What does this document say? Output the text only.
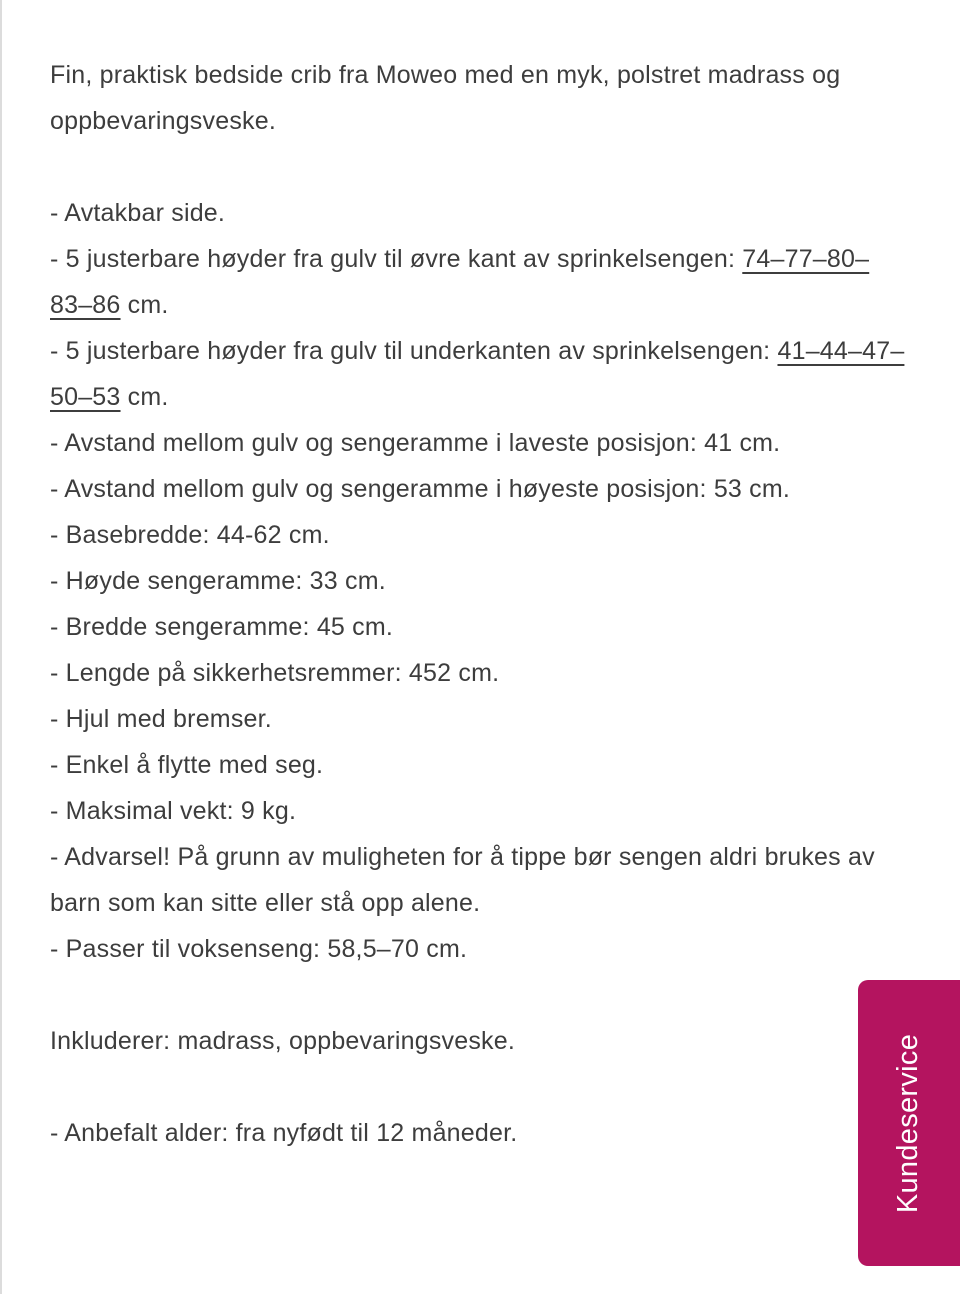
Fin, praktisk bedside crib fra Moweo med en myk, polstret madrass og oppbevaringsveske.

- Avtakbar side.

- 5 justerbare høyder fra gulv til øvre kant av sprinkelsengen: 74–77–80–83–86 cm.

- 5 justerbare høyder fra gulv til underkanten av sprinkelsengen: 41–44–47–50–53 cm.

- Avstand mellom gulv og sengeramme i laveste posisjon: 41 cm.

- Avstand mellom gulv og sengeramme i høyeste posisjon: 53 cm.

- Basebredde: 44-62 cm.

- Høyde sengeramme: 33 cm.

- Bredde sengeramme: 45 cm.

- Lengde på sikkerhetsremmer: 452 cm.

- Hjul med bremser.

- Enkel å flytte med seg.

- Maksimal vekt: 9 kg.

- Advarsel! På grunn av muligheten for å tippe bør sengen aldri brukes av barn som kan sitte eller stå opp alene.

- Passer til voksenseng: 58,5–70 cm.

Inkluderer: madrass, oppbevaringsveske.

- Anbefalt alder: fra nyfødt til 12 måneder.	Kundeservice
